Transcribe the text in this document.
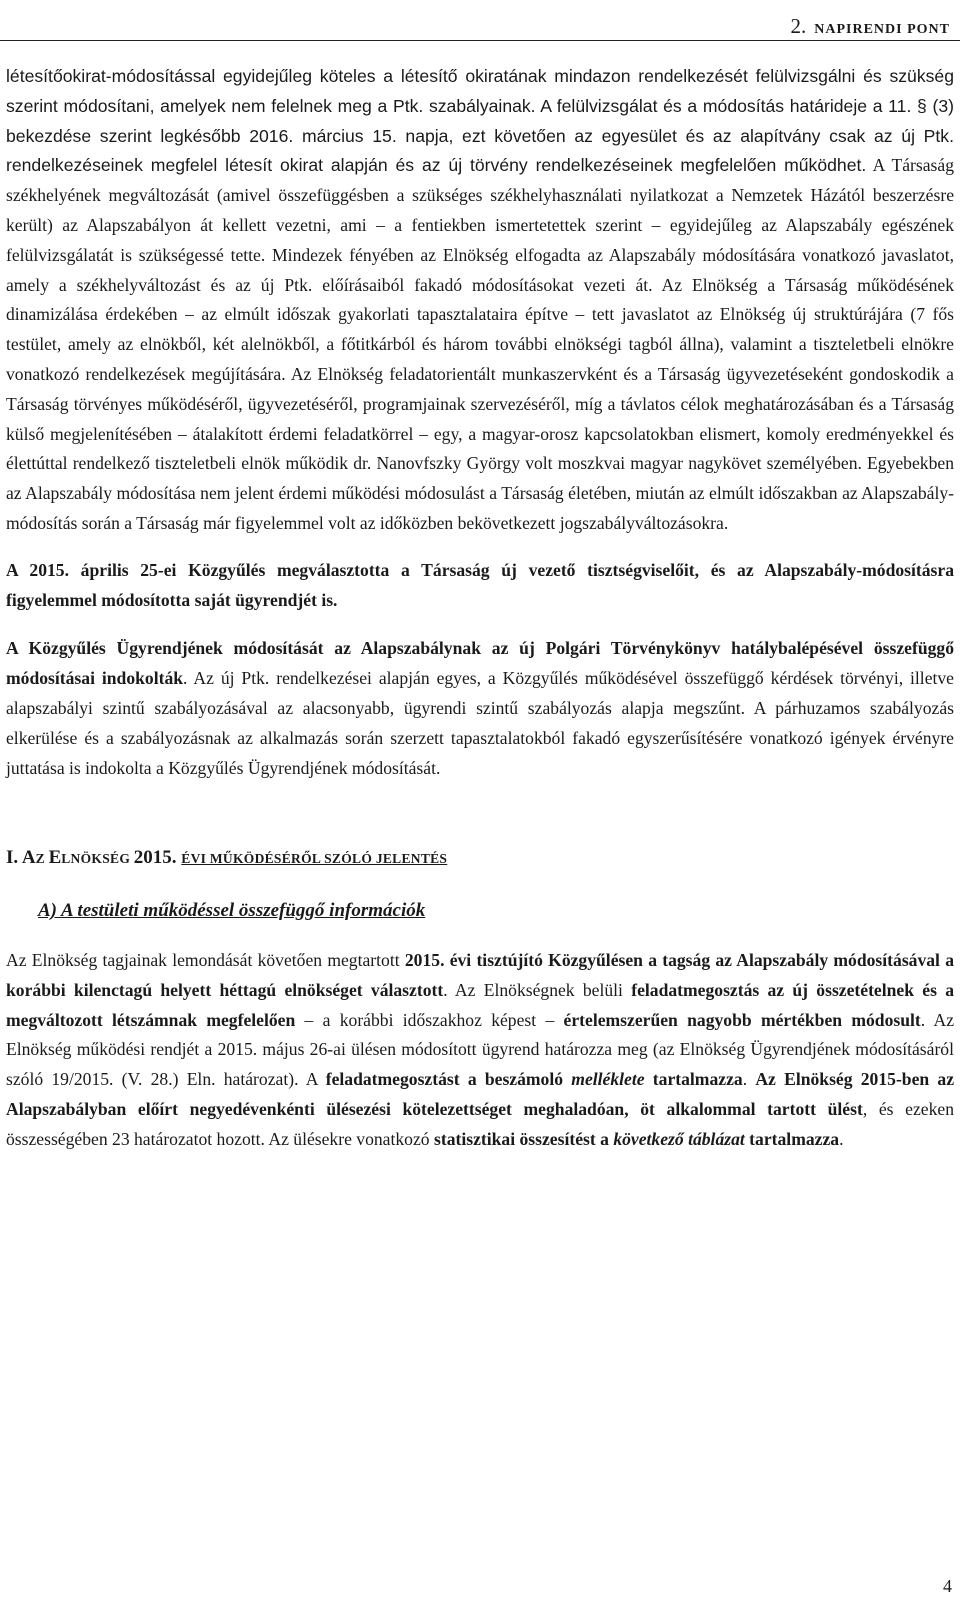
2. NAPIRENDI PONT

létesítőokirat-módosítással egyidejűleg köteles a létesítő okiratának mindazon rendelkezését felülvizsgálni és szükség szerint módosítani, amelyek nem felelnek meg a Ptk. szabályainak. A felülvizsgálat és a módosítás határideje a 11. § (3) bekezdése szerint legkésőbb 2016. március 15. napja, ezt követően az egyesület és az alapítvány csak az új Ptk. rendelkezéseinek megfelel létesít okirat alapján és az új törvény rendelkezéseinek megfelelően működhet. A Társaság székhelyének megváltozását (amivel összefüggésben a szükséges székhelyhasználati nyilatkozat a Nemzetek Házától beszerzésre került) az Alapszabályon át kellett vezetni, ami – a fentiekben ismertetettek szerint – egyidejűleg az Alapszabály egészének felülvizsgálatát is szükségessé tette. Mindezek fényében az Elnökség elfogadta az Alapszabály módosítására vonatkozó javaslatot, amely a székhelyváltozást és az új Ptk. előírásaiból fakadó módosításokat vezeti át. Az Elnökség a Társaság működésének dinamizálása érdekében – az elmúlt időszak gyakorlati tapasztalataira építve – tett javaslatot az Elnökség új struktúrájára (7 fős testület, amely az elnökből, két alelnökből, a főtitkárból és három további elnökségi tagból állna), valamint a tiszteletbeli elnökre vonatkozó rendelkezések megújítására. Az Elnökség feladatorientált munkaszervként és a Társaság ügyvezetéseként gondoskodik a Társaság törvényes működéséről, ügyvezetéséről, programjainak szervezéséről, míg a távlatos célok meghatározásában és a Társaság külső megjelenítésében – átalakított érdemi feladatkörrel – egy, a magyar-orosz kapcsolatokban elismert, komoly eredményekkel és élettúttal rendelkező tiszteletbeli elnök működik dr. Nanovfszky György volt moszkvai magyar nagykövet személyében. Egyebekben az Alapszabály módosítása nem jelent érdemi működési módosulást a Társaság életében, miután az elmúlt időszakban az Alapszabály-módosítás során a Társaság már figyelemmel volt az időközben bekövetkezett jogszabályváltozásokra.

A 2015. április 25-ei Közgyűlés megválasztotta a Társaság új vezető tisztségviselőit, és az Alapszabály-módosításra figyelemmel módosította saját ügyrendjét is.

A Közgyűlés Ügyrendjének módosítását az Alapszabálynak az új Polgári Törvénykönyv hatálybalépésével összefüggő módosításai indokolták. Az új Ptk. rendelkezései alapján egyes, a Közgyűlés működésével összefüggő kérdések törvényi, illetve alapszabályi szintű szabályozásával az alacsonyabb, ügyrendi szintű szabályozás alapja megszűnt. A párhuzamos szabályozás elkerülése és a szabályozásnak az alkalmazás során szerzett tapasztalatokból fakadó egyszerűsítésére vonatkozó igények érvényre juttatása is indokolta a Közgyűlés Ügyrendjének módosítását.

I. AZ ELNÖKSÉG 2015. ÉVI MŰKÖDÉSÉRŐL SZÓLÓ JELENTÉS

A) A testületi működéssel összefüggő információk

Az Elnökség tagjainak lemondását követően megtartott 2015. évi tisztújító Közgyűlésen a tagság az Alapszabály módosításával a korábbi kilenctagú helyett héttagú elnökséget választott. Az Elnökségnek belüli feladatmegosztás az új összetételnek és a megváltozott létszámnak megfelelően – a korábbi időszakhoz képest – értelemszerűen nagyobb mértékben módosult. Az Elnökség működési rendjét a 2015. május 26-ai ülésen módosított ügyrend határozza meg (az Elnökség Ügyrendjének módosításáról szóló 19/2015. (V. 28.) Eln. határozat). A feladatmegosztást a beszámoló melléklete tartalmazza. Az Elnökség 2015-ben az Alapszabályban előírt negyedévenkénti ülésezési kötelezettséget meghaladóan, öt alkalommal tartott ülést, és ezeken összességében 23 határozatot hozott. Az ülésekre vonatkozó statisztikai összesítést a következő táblázat tartalmazza.

4
